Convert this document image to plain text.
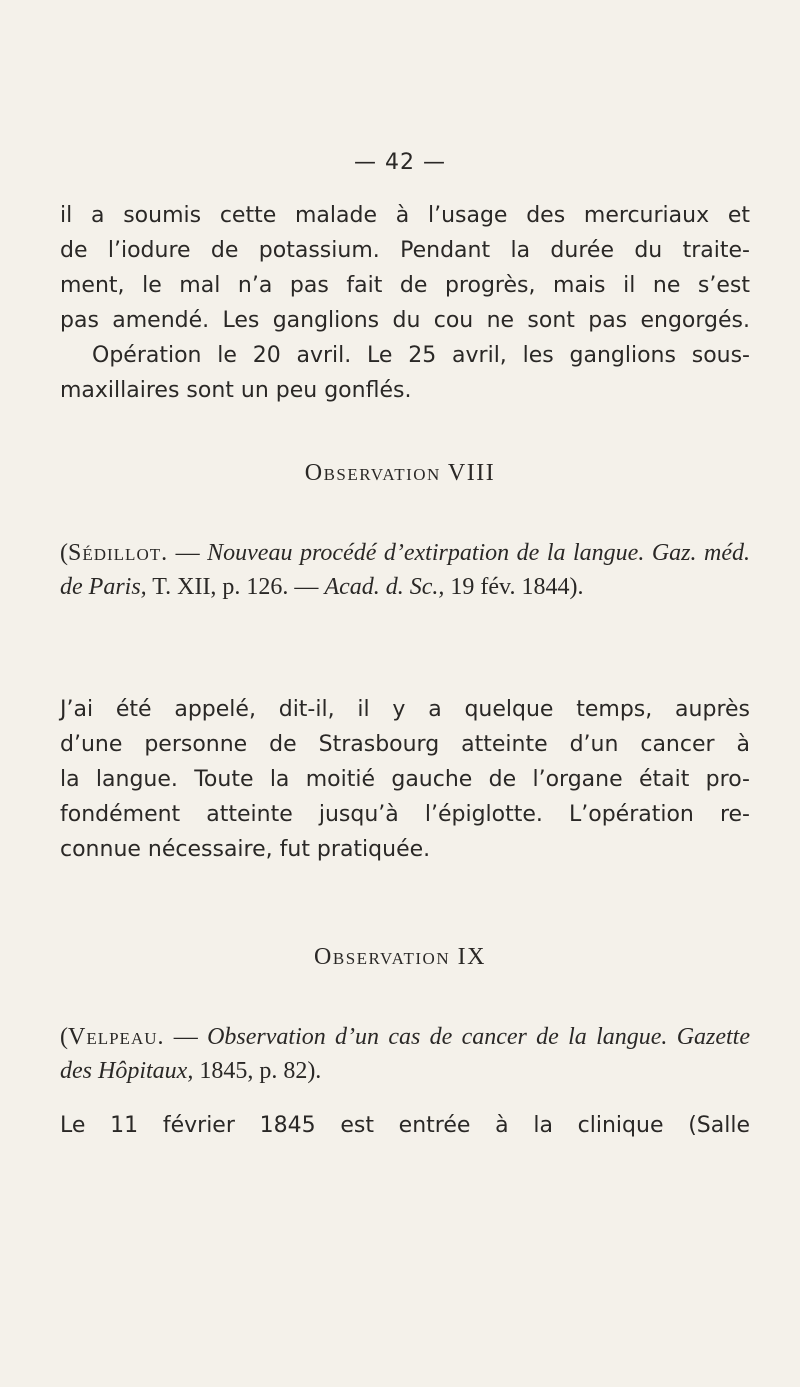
— 42 —
il a soumis cette malade à l’usage des mercuriaux et
de l’iodure de potassium. Pendant la durée du traite-
ment, le mal n’a pas fait de progrès, mais il ne s’est
pas amendé. Les ganglions du cou ne sont pas engorgés.
Opération le 20 avril. Le 25 avril, les ganglions sous-
maxillaires sont un peu gonflés.
Observation VIII
(Sédillot. — Nouveau procédé d’extirpation de la langue. Gaz. méd. de Paris, T. XII, p. 126. — Acad. d. Sc., 19 fév. 1844).
J’ai été appelé, dit-il, il y a quelque temps, auprès
d’une personne de Strasbourg atteinte d’un cancer à
la langue. Toute la moitié gauche de l’organe était pro-
fondément atteinte jusqu’à l’épiglotte. L’opération re-
connue nécessaire, fut pratiquée.
Observation IX
(Velpeau. — Observation d’un cas de cancer de la langue. Gazette des Hôpitaux, 1845, p. 82).
Le 11 février 1845 est entrée à la clinique (Salle
